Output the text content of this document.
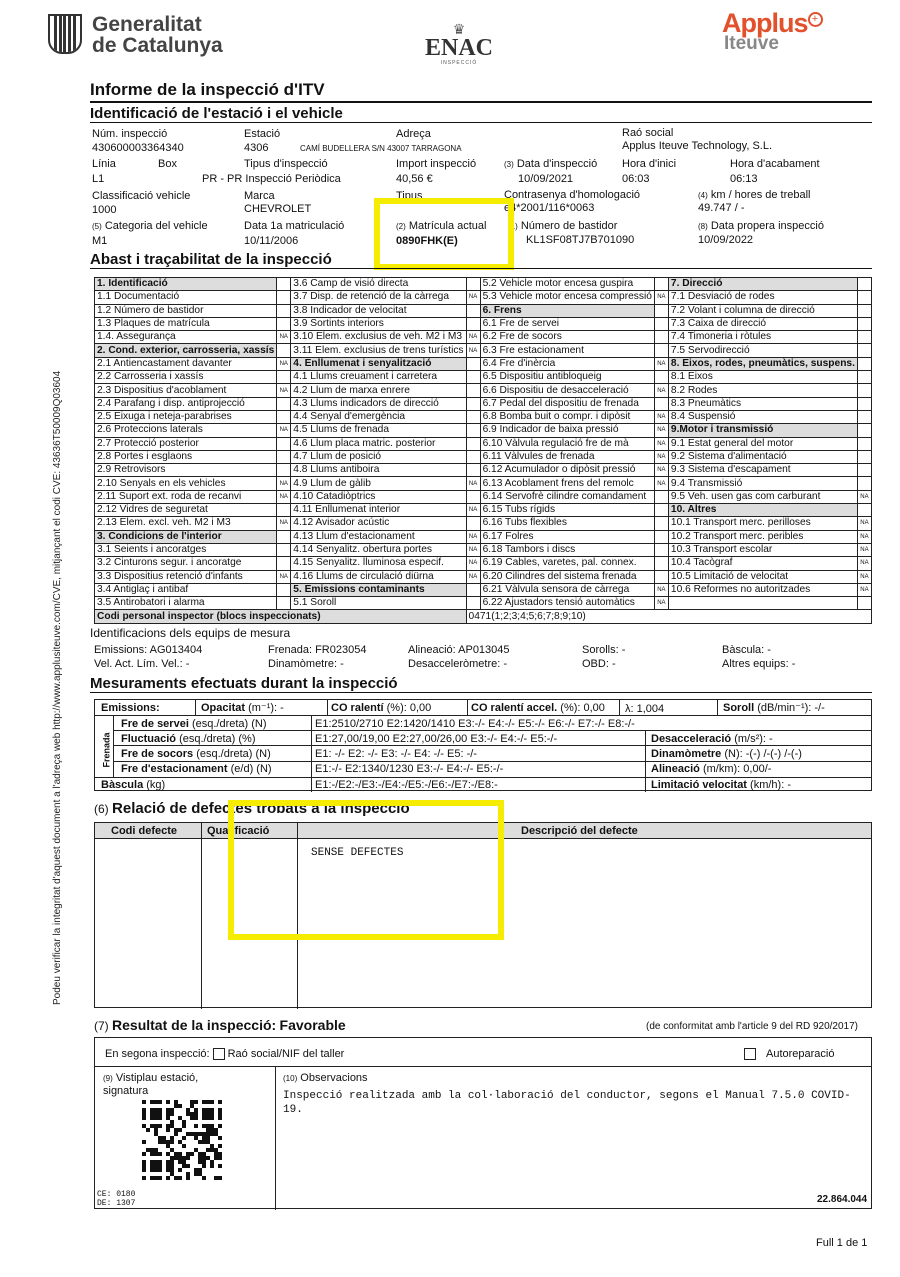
Podeu verificar la integritat d'aquest document a l'adreça web http://www.applusiteuve.com/CVE, mitjançant el codi CVE: 43636T50009Q03604
Generalitat
de Catalunya
♛
ENAC
INSPECCIÓ
Applus +
Iteuve
Informe de la inspecció d'ITV
Identificació de l'estació i el vehicle
Núm. inspecció
430600003364340
Estació
4306
Adreça
CAMÍ BUDELLERA S/N 43007 TARRAGONA
Raó social
Applus Iteuve Technology, S.L.
Línia
L1
Box	Tipus d'inspecció
PR - PR Inspecció Periòdica
Import inspecció
40,56 €
(3) Data d'inspecció
10/09/2021
Hora d'inici
06:03
Hora d'acabament
06:13
Classificació vehicle
1000
Marca
CHEVROLET
Tipus	Contrasenya d'homologació
e4*2001/116*0063
(4) km / hores de treball
49.747 / -
(5) Categoria del vehicle
M1
Data 1a matriculació
10/11/2006
(2) Matrícula actual
0890FHK(E)
(1) Número de bastidor
KL1SF08TJ7B701090
(8) Data propera inspecció
10/09/2022
Abast i traçabilitat de la inspecció
1. Identificació		3.6 Camp de visió directa		5.2 Vehicle motor encesa guspira		7. Direcció	
1.1 Documentació		3.7 Disp. de retenció de la càrrega	NA	5.3 Vehicle motor encesa compressió	NA	7.1 Desviació de rodes	
1.2 Número de bastidor		3.8 Indicador de velocitat		6. Frens		7.2 Volant i columna de direcció	
1.3 Plaques de matrícula		3.9 Sortints interiors		6.1 Fre de servei		7.3 Caixa de direcció	
1.4. Assegurança	NA	3.10 Elem. exclusius de veh. M2 i M3	NA	6.2 Fre de socors		7.4 Timoneria i ròtules	
2. Cond. exterior, carrosseria, xassís		3.11 Elem. exclusius de trens turístics	NA	6.3 Fre estacionament		7.5 Servodirecció	
2.1 Antiencastament davanter	NA	4. Enllumenat i senyalització		6.4 Fre d'inèrcia	NA	8. Eixos, rodes, pneumàtics, suspens.	
2.2 Carrosseria i xassís		4.1 Llums creuament i carretera		6.5 Dispositiu antibloqueig		8.1 Eixos	
2.3 Dispositius d'acoblament	NA	4.2 Llum de marxa enrere		6.6 Dispositiu de desacceleració	NA	8.2 Rodes	
2.4 Parafang i disp. antiprojecció		4.3 Llums indicadors de direcció		6.7 Pedal del dispositiu de frenada		8.3 Pneumàtics	
2.5 Eixuga i neteja-parabrises		4.4 Senyal d'emergència		6.8 Bomba buit o compr. i dipòsit	NA	8.4 Suspensió	
2.6 Proteccions laterals	NA	4.5 Llums de frenada		6.9 Indicador de baixa pressió	NA	9.Motor i transmissió	
2.7 Protecció posterior		4.6 Llum placa matric. posterior		6.10 Vàlvula regulació fre de mà	NA	9.1 Estat general del motor	
2.8 Portes i esglaons		4.7 Llum de posició		6.11 Vàlvules de frenada	NA	9.2 Sistema d'alimentació	
2.9 Retrovisors		4.8 Llums antiboira		6.12 Acumulador o dipòsit pressió	NA	9.3 Sistema d'escapament	
2.10 Senyals en els vehicles	NA	4.9 Llum de gàlib	NA	6.13 Acoblament frens del remolc	NA	9.4 Transmissió	
2.11 Suport ext. roda de recanvi	NA	4.10 Catadiòptrics		6.14 Servofrè cilindre comandament		9.5 Veh. usen gas com carburant	NA
2.12 Vidres de seguretat		4.11 Enllumenat interior	NA	6.15 Tubs rígids		10. Altres	
2.13 Elem. excl. veh. M2 i M3	NA	4.12 Avisador acústic		6.16 Tubs flexibles		10.1 Transport merc. perilloses	NA
3. Condicions de l'interior		4.13 Llum d'estacionament	NA	6.17 Folres		10.2 Transport merc. peribles	NA
3.1 Seients i ancoratges		4.14 Senyalitz. obertura portes	NA	6.18 Tambors i discs		10.3 Transport escolar	NA
3.2 Cinturons segur. i ancoratge		4.15 Senyalitz. lluminosa especif.	NA	6.19 Cables, varetes, pal. connex.		10.4 Tacògraf	NA
3.3 Dispositius retenció d'infants	NA	4.16 Llums de circulació diürna	NA	6.20 Cilindres del sistema frenada		10.5 Limitació de velocitat	NA
3.4 Antiglaç i antibaf		5. Emissions contaminants		6.21 Vàlvula sensora de càrrega	NA	10.6 Reformes no autoritzades	NA
3.5 Antirobatori i alarma		5.1 Soroll		6.22 Ajustadors tensió automàtics	NA		
Codi personal inspector (blocs inspeccionats)			0471(1;2;3;4;5;6;7;8;9;10)				
Identificacions dels equips de mesura
Emissions: AG013404	Frenada: FR023054	Alineació: AP013045	Sorolls: -	Bàscula: -
Vel. Act. Lím. Vel.: -	Dinamòmetre: -	Desacceleròmetre: -	OBD: -	Altres equips: -
Mesuraments efectuats durant la inspecció
Emissions:	Opacitat (m⁻¹): -	CO ralentí (%): 0,00	CO ralentí accel. (%): 0,00 λ: 1,004	Soroll (dB/min⁻¹): -/-
Frenada
Fre de servei (esq./dreta) (N)	E1:2510/2710 E2:1420/1410 E3:-/- E4:-/- E5:-/- E6:-/- E7:-/- E8:-/-
Fluctuació (esq./dreta) (%)	E1:27,00/19,00 E2:27,00/26,00 E3:-/- E4:-/- E5:-/-	Desacceleració (m/s²): -
Fre de socors (esq./dreta) (N)	E1: -/- E2: -/- E3: -/- E4: -/- E5: -/-	Dinamòmetre (N): -(-) /-(-) /-(-)
Fre d'estacionament (e/d) (N)	E1:-/- E2:1340/1230 E3:-/- E4:-/- E5:-/-	Alineació (m/km): 0,00/-
Bàscula (kg)	E1:-/E2:-/E3:-/E4:-/E5:-/E6:-/E7:-/E8:-	Limitació velocitat (km/h): -
(6) Relació de defectes trobats a la inspecció
Codi defecte	Qualificació	Descripció del defecte
SENSE DEFECTES
(7) Resultat de la inspecció: Favorable	(de conformitat amb l'article 9 del RD 920/2017)
En segona inspecció: Raó social/NIF del taller	Autoreparació
(9) Vistiplau estació, signatura
(10) Observacions
Inspecció realitzada amb la col·laboració del conductor, segons el Manual 7.5.0 COVID-19.
CE: 0180
DE: 1307	22.864.044
Full 1 de 1
